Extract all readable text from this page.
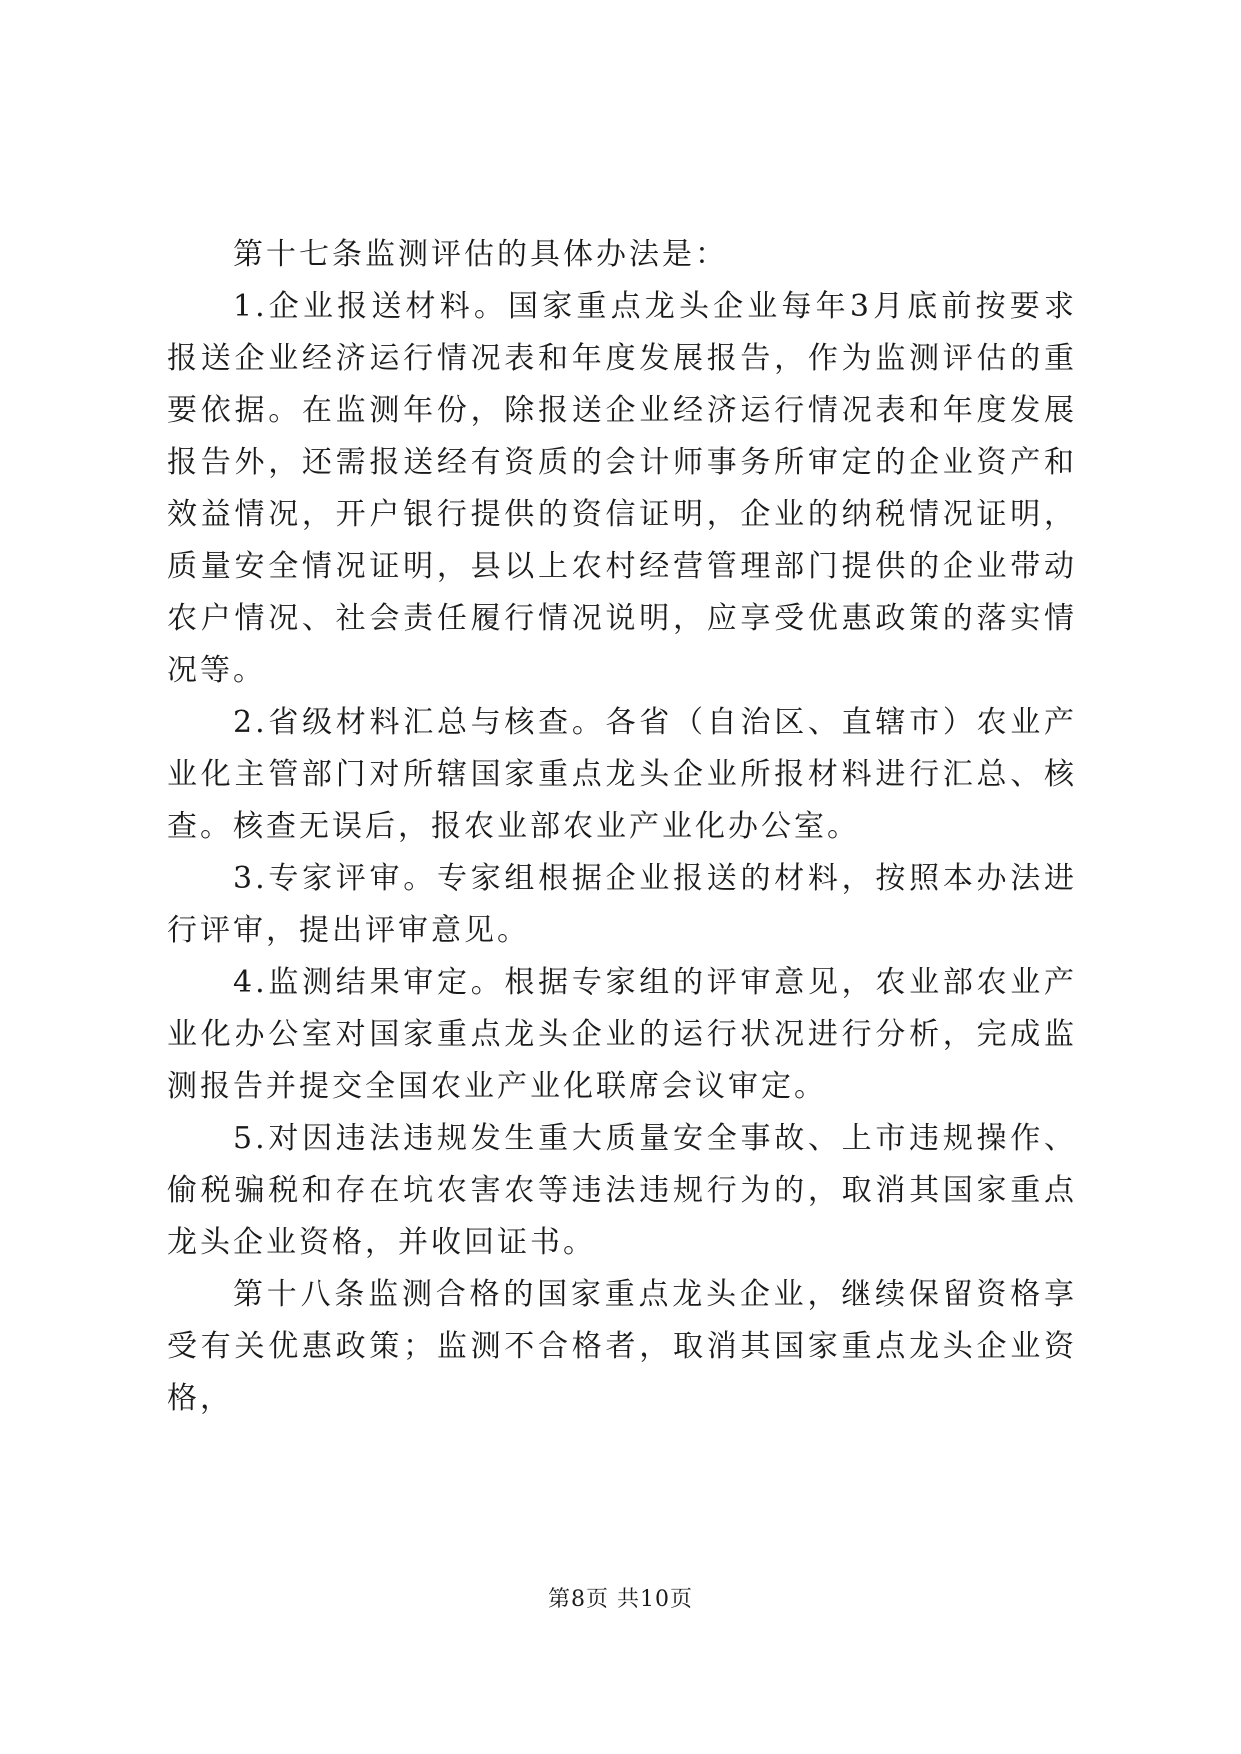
第十七条监测评估的具体办法是：

1.企业报送材料。国家重点龙头企业每年3月底前按要求报送企业经济运行情况表和年度发展报告，作为监测评估的重要依据。在监测年份，除报送企业经济运行情况表和年度发展报告外，还需报送经有资质的会计师事务所审定的企业资产和效益情况，开户银行提供的资信证明，企业的纳税情况证明，质量安全情况证明，县以上农村经营管理部门提供的企业带动农户情况、社会责任履行情况说明，应享受优惠政策的落实情况等。

2.省级材料汇总与核查。各省（自治区、直辖市）农业产业化主管部门对所辖国家重点龙头企业所报材料进行汇总、核查。核查无误后，报农业部农业产业化办公室。

3.专家评审。专家组根据企业报送的材料，按照本办法进行评审，提出评审意见。

4.监测结果审定。根据专家组的评审意见，农业部农业产业化办公室对国家重点龙头企业的运行状况进行分析，完成监测报告并提交全国农业产业化联席会议审定。

5.对因违法违规发生重大质量安全事故、上市违规操作、偷税骗税和存在坑农害农等违法违规行为的，取消其国家重点龙头企业资格，并收回证书。

第十八条监测合格的国家重点龙头企业，继续保留资格享受有关优惠政策；监测不合格者，取消其国家重点龙头企业资格，

第8页 共10页
